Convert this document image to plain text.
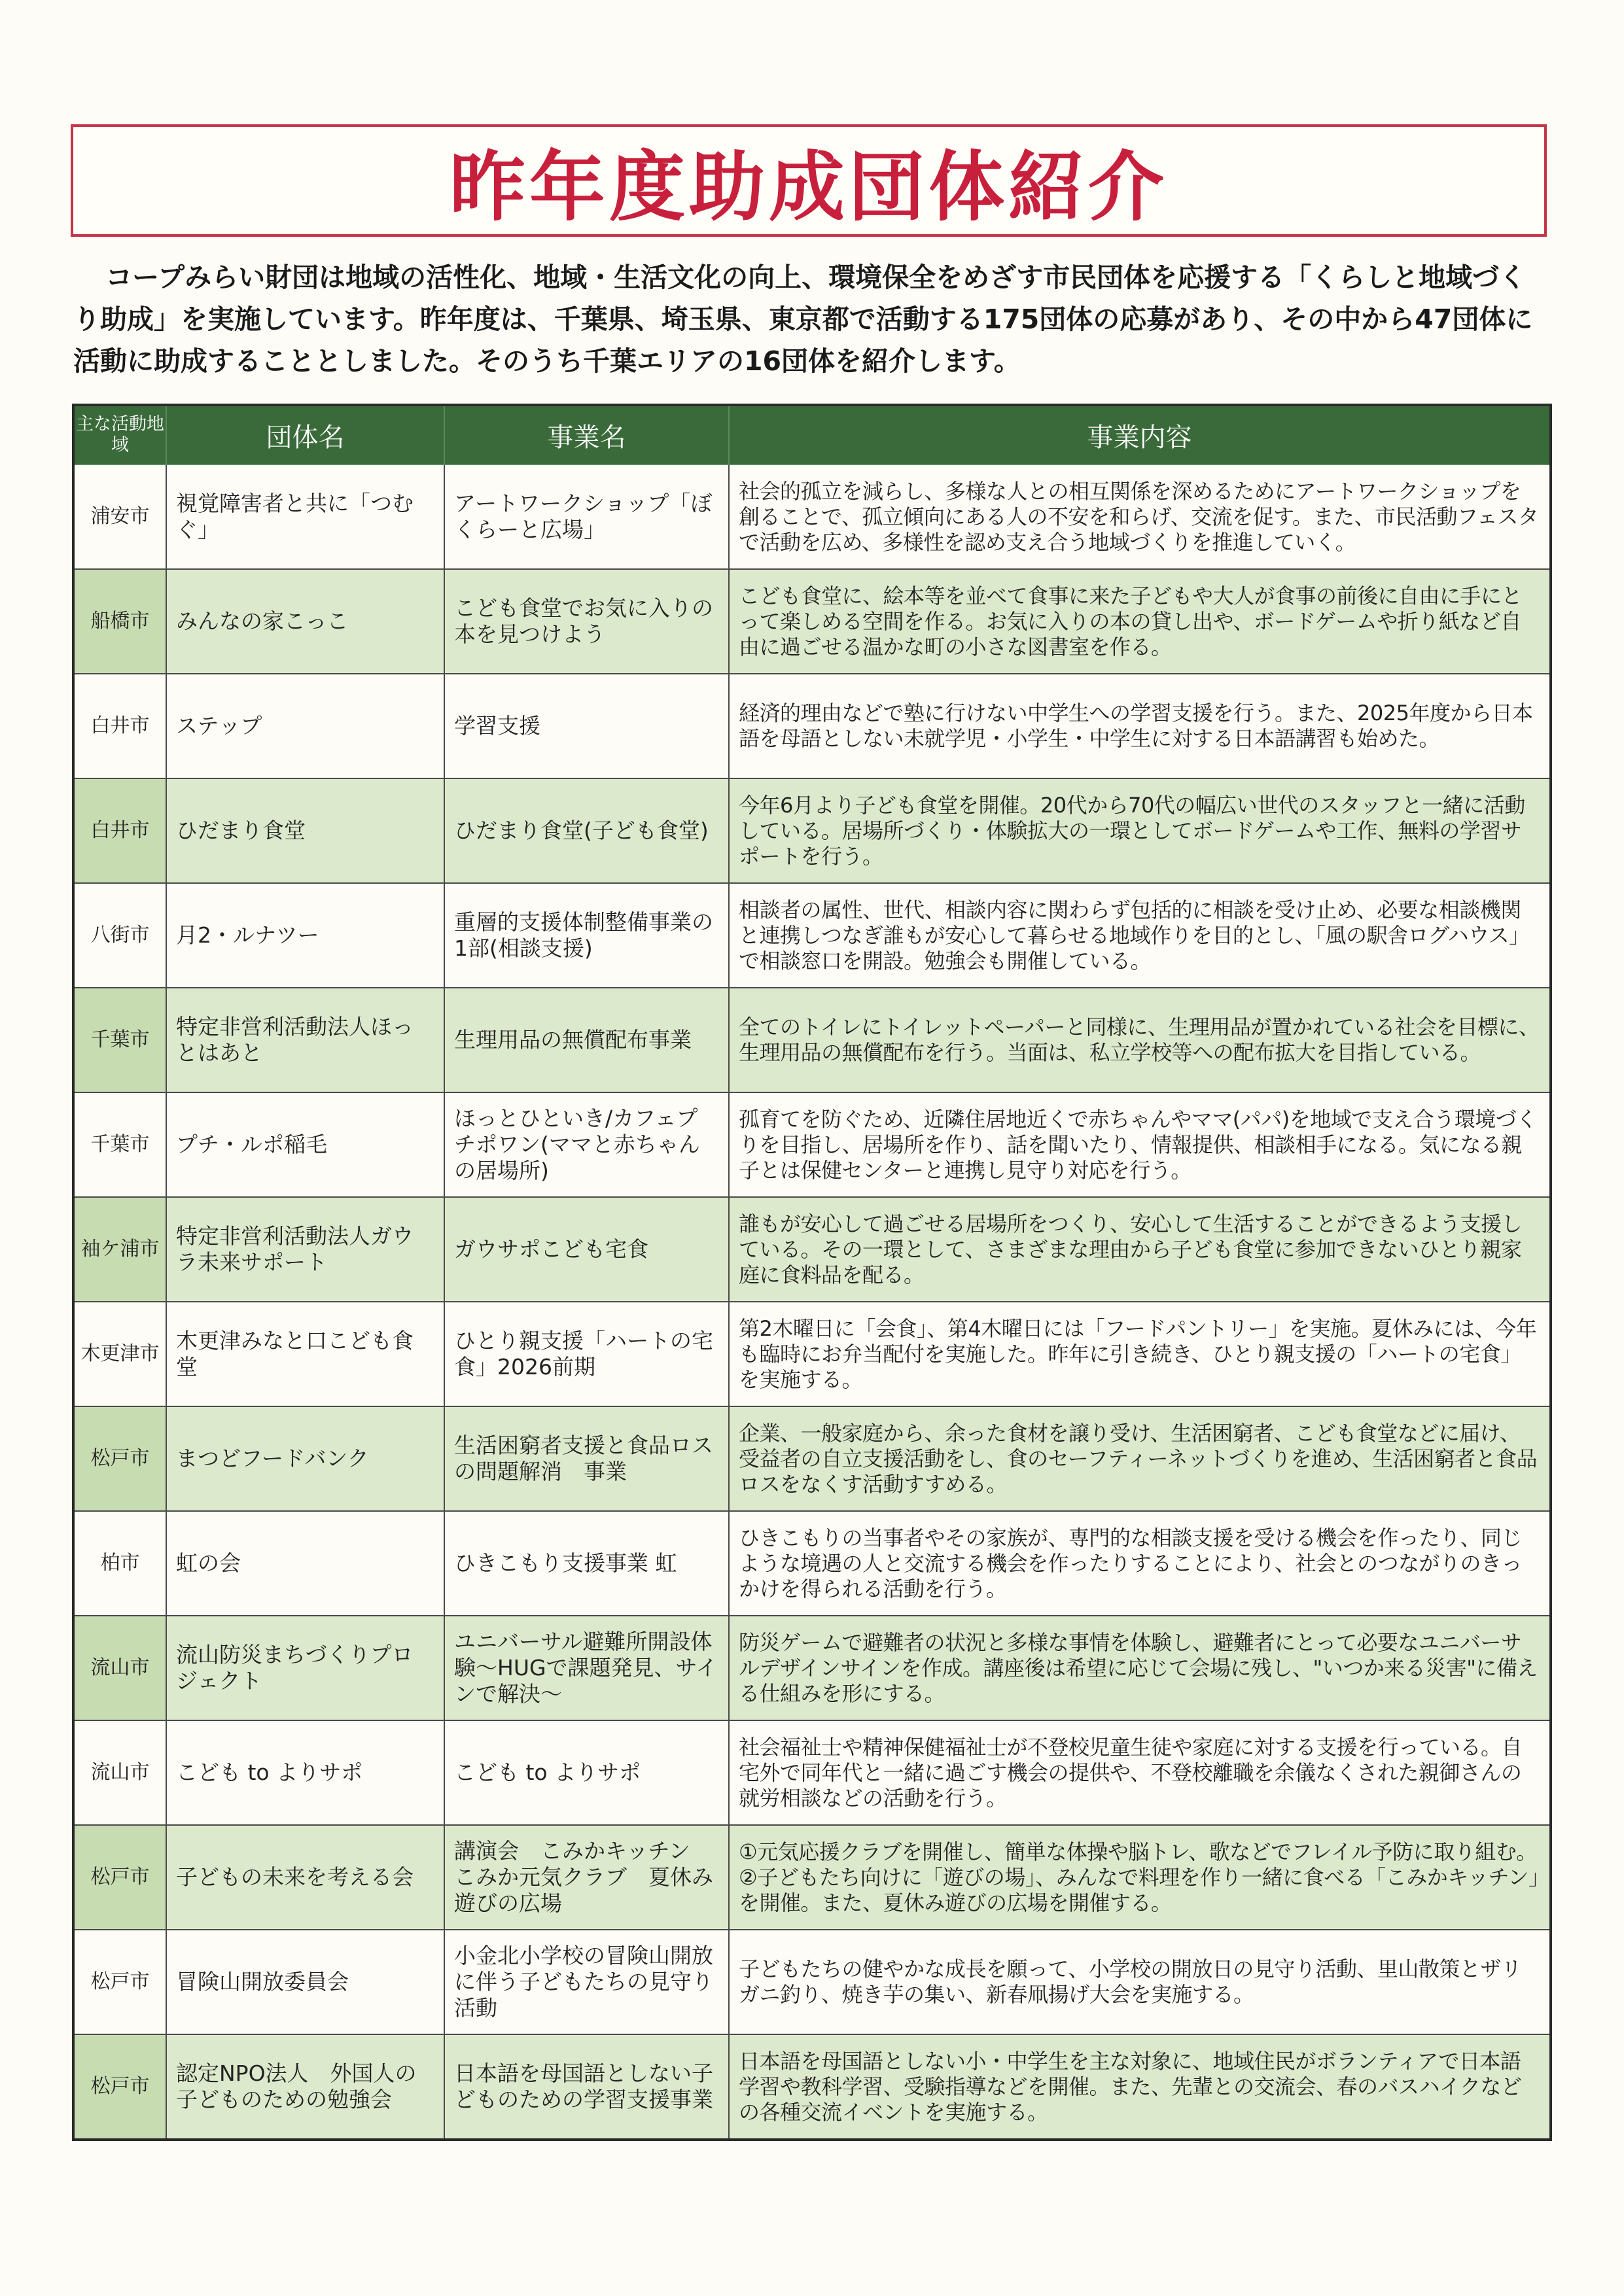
昨年度助成団体紹介

コープみらい財団は地域の活性化、地域・生活文化の向上、環境保全をめざす市民団体を応援する「くらしと地域づくり助成」を実施しています。昨年度は、千葉県、埼玉県、東京都で活動する175団体の応募があり、その中から47団体に活動に助成することとしました。そのうち千葉エリアの16団体を紹介します。

主な活動地域	団体名	事業名	事業内容
浦安市	視覚障害者と共に「つむぐ」	アートワークショップ「ぼくらーと広場」	社会的孤立を減らし、多様な人との相互関係を深めるためにアートワークショップを創ることで、孤立傾向にある人の不安を和らげ、交流を促す。また、市民活動フェスタで活動を広め、多様性を認め支え合う地域づくりを推進していく。
船橋市	みんなの家こっこ	こども食堂でお気に入りの本を見つけよう	こども食堂に、絵本等を並べて食事に来た子どもや大人が食事の前後に自由に手にとって楽しめる空間を作る。お気に入りの本の貸し出や、ボードゲームや折り紙など自由に過ごせる温かな町の小さな図書室を作る。
白井市	ステップ	学習支援	経済的理由などで塾に行けない中学生への学習支援を行う。また、2025年度から日本語を母語としない未就学児・小学生・中学生に対する日本語講習も始めた。
白井市	ひだまり食堂	ひだまり食堂(子ども食堂)	今年6月より子ども食堂を開催。20代から70代の幅広い世代のスタッフと一緒に活動している。居場所づくり・体験拡大の一環としてボードゲームや工作、無料の学習サポートを行う。
八街市	月2・ルナツー	重層的支援体制整備事業の1部(相談支援)	相談者の属性、世代、相談内容に関わらず包括的に相談を受け止め、必要な相談機関と連携しつなぎ誰もが安心して暮らせる地域作りを目的とし、「風の駅舎ログハウス」で相談窓口を開設。勉強会も開催している。
千葉市	特定非営利活動法人ほっとはあと	生理用品の無償配布事業	全てのトイレにトイレットペーパーと同様に、生理用品が置かれている社会を目標に、生理用品の無償配布を行う。当面は、私立学校等への配布拡大を目指している。
千葉市	プチ・ルポ稲毛	ほっとひといき/カフェプチポワン(ママと赤ちゃんの居場所)	孤育てを防ぐため、近隣住居地近くで赤ちゃんやママ(パパ)を地域で支え合う環境づくりを目指し、居場所を作り、話を聞いたり、情報提供、相談相手になる。気になる親子とは保健センターと連携し見守り対応を行う。
袖ケ浦市	特定非営利活動法人ガウラ未来サポート	ガウサポこども宅食	誰もが安心して過ごせる居場所をつくり、安心して生活することができるよう支援している。その一環として、さまざまな理由から子ども食堂に参加できないひとり親家庭に食料品を配る。
木更津市	木更津みなと口こども食堂	ひとり親支援「ハートの宅食」2026前期	第2木曜日に「会食」、第4木曜日には「フードパントリー」を実施。夏休みには、今年も臨時にお弁当配付を実施した。昨年に引き続き、ひとり親支援の「ハートの宅食」を実施する。
松戸市	まつどフードバンク	生活困窮者支援と食品ロスの問題解消　事業	企業、一般家庭から、余った食材を譲り受け、生活困窮者、こども食堂などに届け、受益者の自立支援活動をし、食のセーフティーネットづくりを進め、生活困窮者と食品ロスをなくす活動すすめる。
柏市	虹の会	ひきこもり支援事業 虹	ひきこもりの当事者やその家族が、専門的な相談支援を受ける機会を作ったり、同じような境遇の人と交流する機会を作ったりすることにより、社会とのつながりのきっかけを得られる活動を行う。
流山市	流山防災まちづくりプロジェクト	ユニバーサル避難所開設体験～HUGで課題発見、サインで解決～	防災ゲームで避難者の状況と多様な事情を体験し、避難者にとって必要なユニバーサルデザインサインを作成。講座後は希望に応じて会場に残し、"いつか来る災害"に備える仕組みを形にする。
流山市	こども to よりサポ	こども to よりサポ	社会福祉士や精神保健福祉士が不登校児童生徒や家庭に対する支援を行っている。自宅外で同年代と一緒に過ごす機会の提供や、不登校離職を余儀なくされた親御さんの就労相談などの活動を行う。
松戸市	子どもの未来を考える会	講演会　こみかキッチン　こみか元気クラブ　夏休み遊びの広場	①元気応援クラブを開催し、簡単な体操や脳トレ、歌などでフレイル予防に取り組む。②子どもたち向けに「遊びの場」、みんなで料理を作り一緒に食べる「こみかキッチン」を開催。また、夏休み遊びの広場を開催する。
松戸市	冒険山開放委員会	小金北小学校の冒険山開放に伴う子どもたちの見守り活動	子どもたちの健やかな成長を願って、小学校の開放日の見守り活動、里山散策とザリガニ釣り、焼き芋の集い、新春凧揚げ大会を実施する。
松戸市	認定NPO法人　外国人の子どものための勉強会	日本語を母国語としない子どものための学習支援事業	日本語を母国語としない小・中学生を主な対象に、地域住民がボランティアで日本語学習や教科学習、受験指導などを開催。また、先輩との交流会、春のバスハイクなどの各種交流イベントを実施する。
